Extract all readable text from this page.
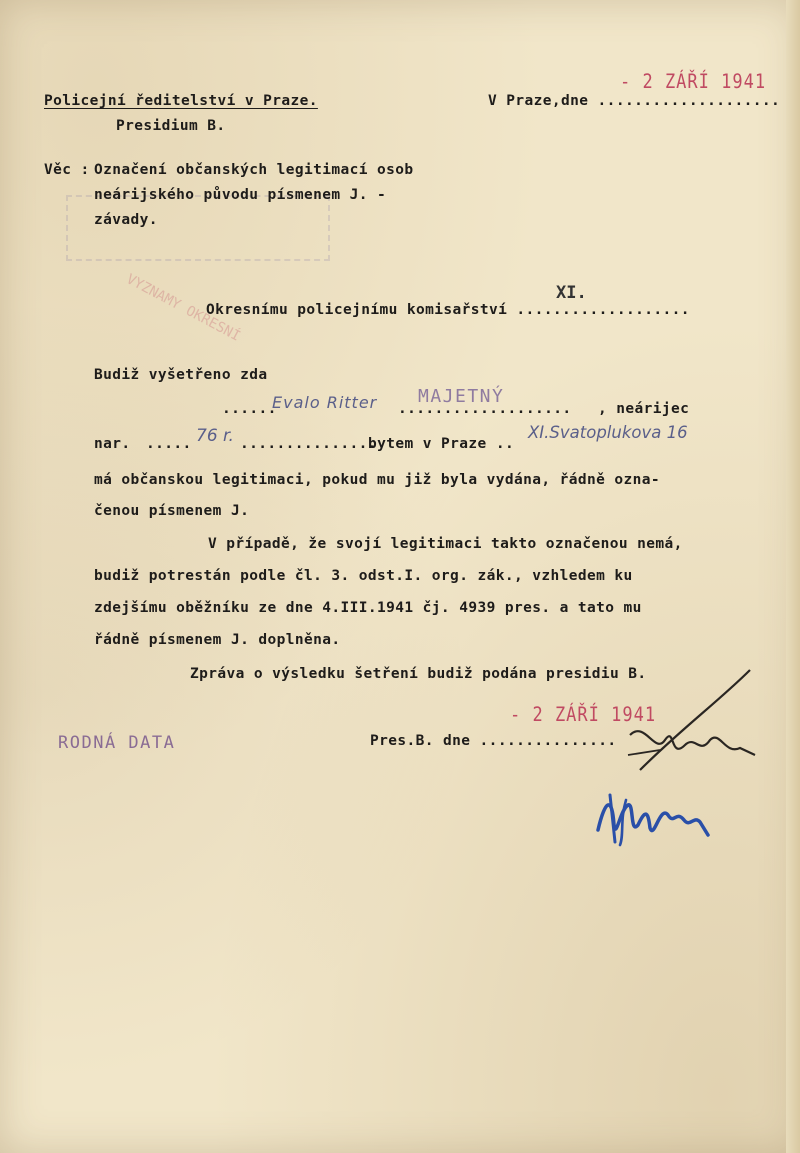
VYZNAMY OKRESNÍ
Policejní ředitelství v Praze.
Presidium B.
V Praze,dne ....................
- 2 ZÁŘÍ 1941
Věc : Označení občanských legitimací osob
neárijského původu písmenem J. -
závady.
Okresnímu policejnímu komisařství ...................
XI.
Budiž vyšetřeno zda
......
Evalo Ritter ...................
MAJETNÝ
, neárijec
nar. ..... 76 r. ...............
bytem v Praze ..
XI.Svatoplukova 16
má občanskou legitimaci, pokud mu již byla vydána, řádně ozna-
čenou písmenem J.
V případě, že svojí legitimaci takto označenou nemá,
budiž potrestán podle čl. 3. odst.I. org. zák., vzhledem ku
zdejšímu oběžníku ze dne 4.III.1941 čj. 4939 pres. a tato mu
řádně písmenem J. doplněna.
Zpráva o výsledku šetření budiž podána presidiu B.
RODNÁ DATA	Pres.B. dne ...............
- 2 ZÁŘÍ 1941
